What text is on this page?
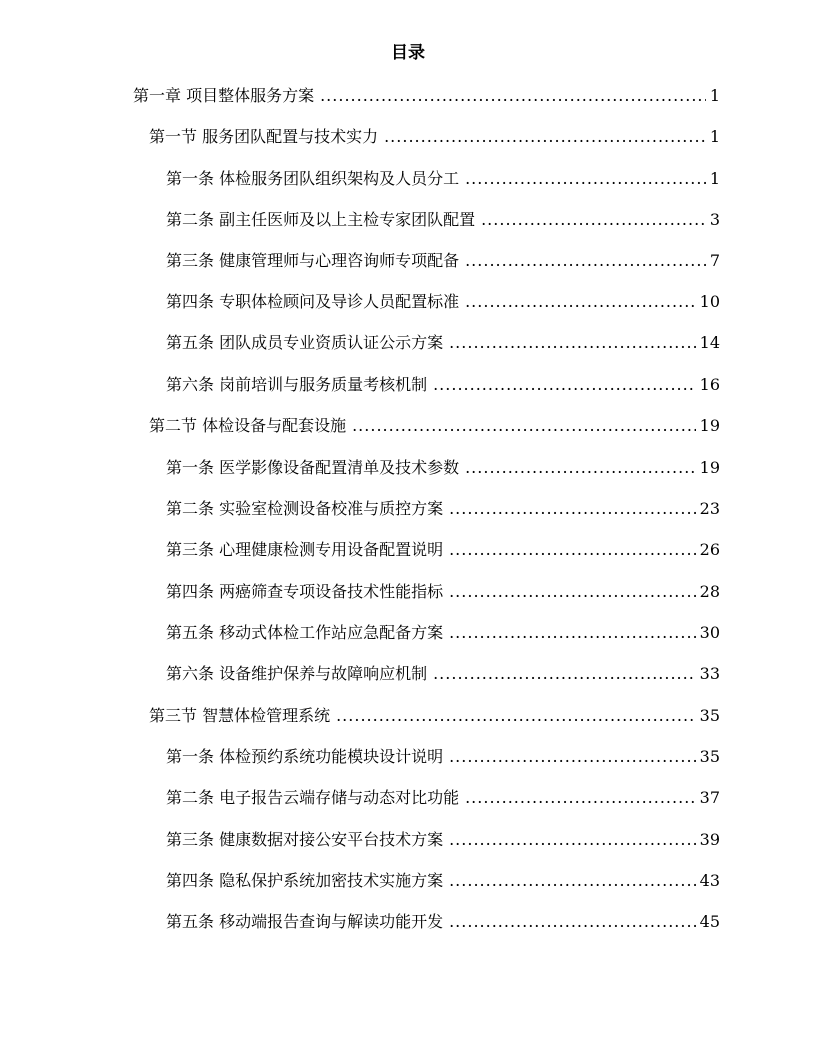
目录
第一章 项目整体服务方案 .....	1
第一节 服务团队配置与技术实力 .....	1
第一条 体检服务团队组织架构及人员分工 .....	1
第二条 副主任医师及以上主检专家团队配置 .....	3
第三条 健康管理师与心理咨询师专项配备 .....	7
第四条 专职体检顾问及导诊人员配置标准 .....	10
第五条 团队成员专业资质认证公示方案 .....	14
第六条 岗前培训与服务质量考核机制 .....	16
第二节 体检设备与配套设施 .....	19
第一条 医学影像设备配置清单及技术参数 .....	19
第二条 实验室检测设备校准与质控方案 .....	23
第三条 心理健康检测专用设备配置说明 .....	26
第四条 两癌筛查专项设备技术性能指标 .....	28
第五条 移动式体检工作站应急配备方案 .....	30
第六条 设备维护保养与故障响应机制 .....	33
第三节 智慧体检管理系统 .....	35
第一条 体检预约系统功能模块设计说明 .....	35
第二条 电子报告云端存储与动态对比功能 .....	37
第三条 健康数据对接公安平台技术方案 .....	39
第四条 隐私保护系统加密技术实施方案 .....	43
第五条 移动端报告查询与解读功能开发 .....	45
